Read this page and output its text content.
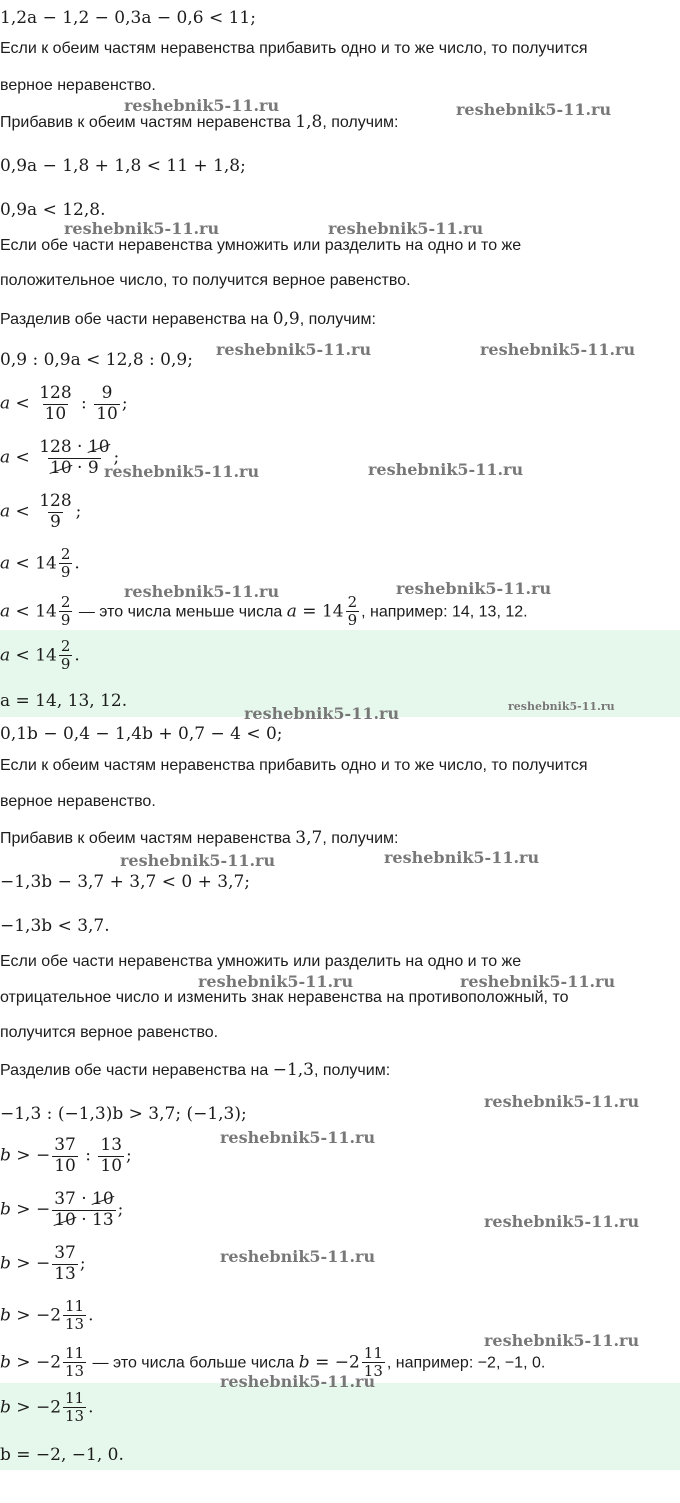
1,2a − 1,2 − 0,3a − 0,6 < 11;
Если к обеим частям неравенства прибавить одно и то же число, то получится
верное неравенство.
Прибавив к обеим частям неравенства 1,8, получим:
0,9a − 1,8 + 1,8 < 11 + 1,8;
0,9a < 12,8.
Если обе части неравенства умножить или разделить на одно и то же
положительное число, то получится верное равенство.
Разделив обе части неравенства на 0,9, получим:
0,9 : 0,9a < 12,8 : 0,9;
$a < \frac{128}{10}$ : $\frac{9}{10}$ ;
$a < \frac{128 \cdot 10}{10 \cdot 9}$ ;
$a < \frac{128}{9}$ ;
$a < 14 \frac{2}{9}$ .
$a < 14 \frac{2}{9}$ — это числа меньше числа $a = 14 \frac{2}{9}$ , например: 14, 13, 12.
$a < 14 \frac{2}{9}$ .
a = 14, 13, 12.
0,1b − 0,4 − 1,4b + 0,7 − 4 < 0;
Если к обеим частям неравенства прибавить одно и то же число, то получится
верное неравенство.
Прибавив к обеим частям неравенства 3,7, получим:
−1,3b − 3,7 + 3,7 < 0 + 3,7;
−1,3b < 3,7.
Если обе части неравенства умножить или разделить на одно и то же
отрицательное число и изменить знак неравенства на противоположный, то
получится верное равенство.
Разделив обе части неравенства на −1,3, получим:
−1,3 : (−1,3)b > 3,7; (−1,3);
b > − $\frac{37}{10}$ : $\frac{13}{10}$ ;
b > − $\frac{37 \cdot 10}{10 \cdot 13}$ ;
b > − $\frac{37}{13}$ ;
$b > -2 \frac{11}{13}$ .
$b > -2 \frac{11}{13}$ — это числа больше числа $b = -2 \frac{11}{13}$ , например: −2, −1, 0.
$b > -2 \frac{11}{13}$ .
b = −2, −1, 0.
reshebnik5-11.ru	reshebnik5-11.ru
reshebnik5-11.ru	reshebnik5-11.ru
reshebnik5-11.ru	reshebnik5-11.ru
reshebnik5-11.ru	reshebnik5-11.ru
reshebnik5-11.ru	reshebnik5-11.ru
reshebnik5-11.ru	reshebnik5-11.ru
reshebnik5-11.ru	reshebnik5-11.ru
reshebnik5-11.ru	reshebnik5-11.ru
reshebnik5-11.ru
reshebnik5-11.ru
reshebnik5-11.ru
reshebnik5-11.ru
reshebnik5-11.ru
reshebnik5-11.ru
